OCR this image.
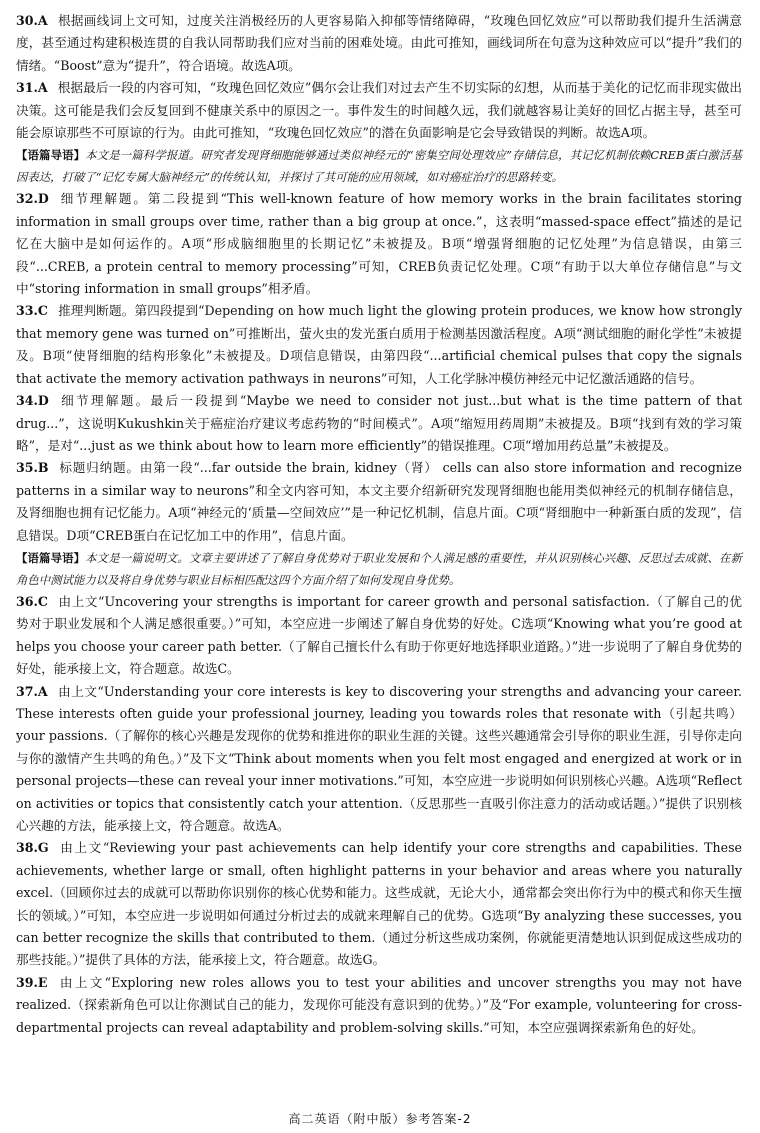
30.A 根据画线词上文可知，过度关注消极经历的人更容易陷入抑郁等情绪障碍，“玫瑰色回忆效应”可以帮助我们提升生活满意度，甚至通过构建积极连贯的自我认同帮助我们应对当前的困难处境。由此可推知，画线词所在句意为这种效应可以“提升”我们的情绪。“Boost”意为“提升”，符合语境。故选A项。

31.A 根据最后一段的内容可知，“玫瑰色回忆效应”偶尔会让我们对过去产生不切实际的幻想，从而基于美化的记忆而非现实做出决策。这可能是我们会反复回到不健康关系中的原因之一。事件发生的时间越久远，我们就越容易让美好的回忆占据主导，甚至可能会原谅那些不可原谅的行为。由此可推知，“玫瑰色回忆效应”的潜在负面影响是它会导致错误的判断。故选A项。

【语篇导语】本文是一篇科学报道。研究者发现肾细胞能够通过类似神经元的“密集空间处理效应”存储信息，其记忆机制依赖CREB蛋白激活基因表达，打破了“记忆专属大脑神经元”的传统认知，并探讨了其可能的应用领域，如对癌症治疗的思路转变。

32.D 细节理解题。第二段提到“This well-known feature of how memory works in the brain facilitates storing information in small groups over time, rather than a big group at once.”，这表明“massed-space effect”描述的是记忆在大脑中是如何运作的。A项“形成脑细胞里的长期记忆”未被提及。B项“增强肾细胞的记忆处理”为信息错误，由第三段“...CREB, a protein central to memory processing”可知，CREB负责记忆处理。C项“有助于以大单位存储信息”与文中“storing information in small groups”相矛盾。

33.C 推理判断题。第四段提到“Depending on how much light the glowing protein produces, we know how strongly that memory gene was turned on”可推断出，萤火虫的发光蛋白质用于检测基因激活程度。A项“测试细胞的耐化学性”未被提及。B项“使肾细胞的结构形象化”未被提及。D项信息错误，由第四段“...artificial chemical pulses that copy the signals that activate the memory activation pathways in neurons”可知，人工化学脉冲模仿神经元中记忆激活通路的信号。

34.D 细节理解题。最后一段提到“Maybe we need to consider not just...but what is the time pattern of that drug...”，这说明Kukushkin关于癌症治疗建议考虑药物的“时间模式”。A项“缩短用药周期”未被提及。B项“找到有效的学习策略”，是对“...just as we think about how to learn more efficiently”的错误推理。C项“增加用药总量”未被提及。

35.B 标题归纳题。由第一段“...far outside the brain, kidney（肾） cells can also store information and recognize patterns in a similar way to neurons”和全文内容可知，本文主要介绍新研究发现肾细胞也能用类似神经元的机制存储信息，及肾细胞也拥有记忆能力。A项“神经元的‘质量—空间效应’”是一种记忆机制，信息片面。C项“肾细胞中一种新蛋白质的发现”，信息错误。D项“CREB蛋白在记忆加工中的作用”，信息片面。

【语篇导语】本文是一篇说明文。文章主要讲述了了解自身优势对于职业发展和个人满足感的重要性，并从识别核心兴趣、反思过去成就、在新角色中测试能力以及将自身优势与职业目标相匹配这四个方面介绍了如何发现自身优势。

36.C 由上文“Uncovering your strengths is important for career growth and personal satisfaction.（了解自己的优势对于职业发展和个人满足感很重要。）”可知，本空应进一步阐述了解自身优势的好处。C选项“Knowing what you’re good at helps you choose your career path better.（了解自己擅长什么有助于你更好地选择职业道路。）”进一步说明了了解自身优势的好处，能承接上文，符合题意。故选C。

37.A 由上文“Understanding your core interests is key to discovering your strengths and advancing your career. These interests often guide your professional journey, leading you towards roles that resonate with（引起共鸣） your passions.（了解你的核心兴趣是发现你的优势和推进你的职业生涯的关键。这些兴趣通常会引导你的职业生涯，引导你走向与你的激情产生共鸣的角色。）”及下文“Think about moments when you felt most engaged and energized at work or in personal projects—these can reveal your inner motivations.”可知，本空应进一步说明如何识别核心兴趣。A选项“Reflect on activities or topics that consistently catch your attention.（反思那些一直吸引你注意力的活动或话题。）”提供了识别核心兴趣的方法，能承接上文，符合题意。故选A。

38.G 由上文“Reviewing your past achievements can help identify your core strengths and capabilities. These achievements, whether large or small, often highlight patterns in your behavior and areas where you naturally excel.（回顾你过去的成就可以帮助你识别你的核心优势和能力。这些成就，无论大小，通常都会突出你行为中的模式和你天生擅长的领域。）”可知，本空应进一步说明如何通过分析过去的成就来理解自己的优势。G选项“By analyzing these successes, you can better recognize the skills that contributed to them.（通过分析这些成功案例，你就能更清楚地认识到促成这些成功的那些技能。）”提供了具体的方法，能承接上文，符合题意。故选G。

39.E 由上文“Exploring new roles allows you to test your abilities and uncover strengths you may not have realized.（探索新角色可以让你测试自己的能力，发现你可能没有意识到的优势。）”及“For example, volunteering for cross-departmental projects can reveal adaptability and problem-solving skills.”可知，本空应强调探索新角色的好处。

高二英语（附中版）参考答案-2
